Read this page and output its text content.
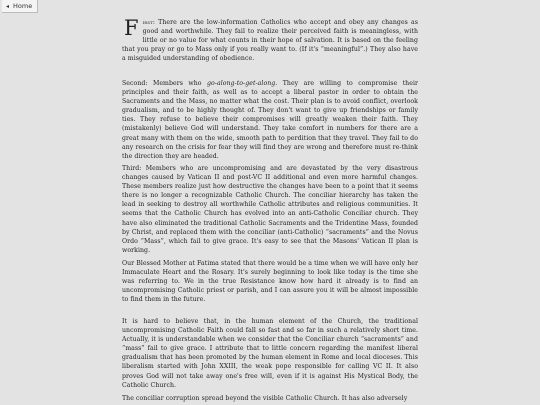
◂ Home

First: There are the low-information Catholics who accept and obey any changes as good and worthwhile. They fail to realize their perceived faith is meaningless, with little or no value for what counts in their hope of salvation. It is based on the feeling that you pray or go to Mass only if you really want to. (If it's “meaningful”.) They also have a misguided understanding of obedience.

Second: Members who go-along-to-get-along. They are willing to compromise their principles and their faith, as well as to accept a liberal pastor in order to obtain the Sacraments and the Mass, no matter what the cost. Their plan is to avoid conflict, overlook gradualism, and to be highly thought of. They don't want to give up friendships or family ties. They refuse to believe their compromises will greatly weaken their faith. They (mistakenly) believe God will understand. They take comfort in numbers for there are a great many with them on the wide, smooth path to perdition that they travel. They fail to do any research on the crisis for fear they will find they are wrong and therefore must re-think the direction they are headed.

Third: Members who are uncompromising and are devastated by the very disastrous changes caused by Vatican II and post-VC II additional and even more harmful changes. These members realize just how destructive the changes have been to a point that it seems there is no longer a recognizable Catholic Church. The conciliar hierarchy has taken the lead in seeking to destroy all worthwhile Catholic attributes and religious communities. It seems that the Catholic Church has evolved into an anti-Catholic Conciliar church. They have also eliminated the traditional Catholic Sacraments and the Tridentine Mass, founded by Christ, and replaced them with the conciliar (anti-Catholic) “sacraments” and the Novus Ordo “Mass”, which fail to give grace. It's easy to see that the Masons' Vatican II plan is working.

Our Blessed Mother at Fatima stated that there would be a time when we will have only her Immaculate Heart and the Rosary. It's surely beginning to look like today is the time she was referring to. We in the true Resistance know how hard it already is to find an uncompromising Catholic priest or parish, and I can assure you it will be almost impossible to find them in the future.

It is hard to believe that, in the human element of the Church, the traditional uncompromising Catholic Faith could fall so fast and so far in such a relatively short time. Actually, it is understandable when we consider that the Conciliar church “sacraments” and “mass” fail to give grace. I attribute that to little concern regarding the manifest liberal gradualism that has been promoted by the human element in Rome and local dioceses. This liberalism started with John XXIII, the weak pope responsible for calling VC II. It also proves God will not take away one's free will, even if it is against His Mystical Body, the Catholic Church.

The conciliar corruption spread beyond the visible Catholic Church. It has also adversely
